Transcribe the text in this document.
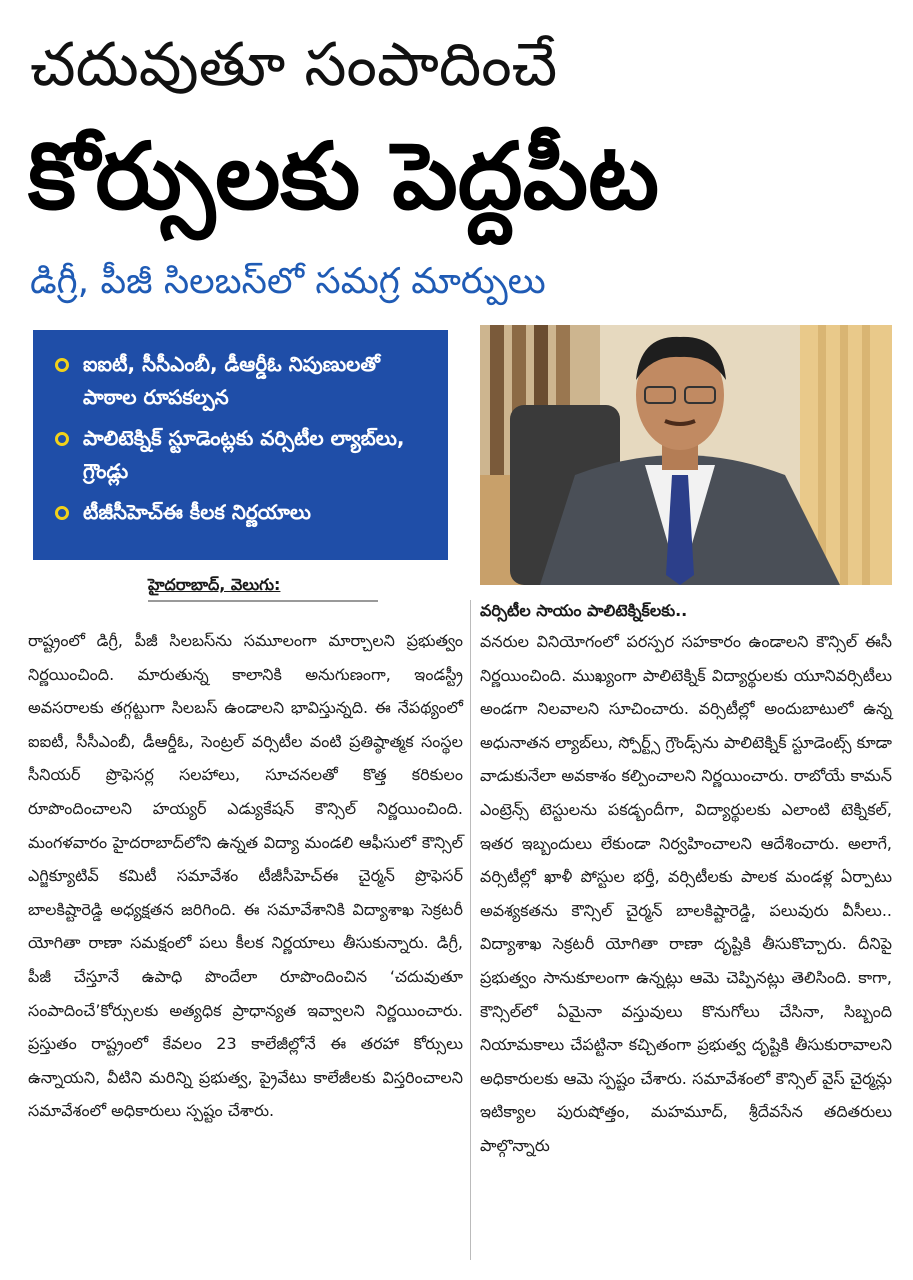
చదువుతూ సంపాదించే
కోర్సులకు పెద్దపీట
డిగ్రీ, పీజీ సిలబస్‌లో సమగ్ర మార్పులు
ఐఐటీ, సీసీఎంబీ, డీఆర్డీఓ నిపుణులతో పాఠాల రూపకల్పన
పాలిటెక్నిక్ స్టూడెంట్లకు వర్సిటీల ల్యాబ్‌లు, గ్రౌండ్లు
టీజీసీహెచ్ఈ కీలక నిర్ణయాలు
హైదరాబాద్, వెలుగు:

రాష్ట్రంలో డిగ్రీ, పీజీ సిలబస్‌ను సమూలంగా మార్చాలని ప్రభుత్వం నిర్ణయించింది. మారుతున్న కాలానికి అనుగుణంగా, ఇండస్ట్రీ అవసరాలకు తగ్గట్టుగా సిలబస్ ఉండాలని భావిస్తున్నది. ఈ నేపథ్యంలో ఐఐటీ, సీసీఎంబీ, డీఆర్డీఓ, సెంట్రల్ వర్సిటీల వంటి ప్రతిష్ఠాత్మక సంస్థల సీనియర్ ప్రొఫెసర్ల సలహాలు, సూచనలతో కొత్త కరికులం రూపొందించాలని హయ్యర్ ఎడ్యుకేషన్ కౌన్సిల్ నిర్ణయించింది. మంగళవారం హైదరాబాద్‌లోని ఉన్నత విద్యా మండలి ఆఫీసులో కౌన్సిల్ ఎగ్జిక్యూటివ్ కమిటీ సమావేశం టీజీసీహెచ్ఈ చైర్మన్ ప్రొఫెసర్ బాలకిష్టారెడ్డి అధ్యక్షతన జరిగింది. ఈ సమావేశానికి విద్యాశాఖ సెక్రటరీ యోగితా రాణా సమక్షంలో పలు కీలక నిర్ణయాలు తీసుకున్నారు. డిగ్రీ, పీజీ చేస్తూనే ఉపాధి పొందేలా రూపొందించిన ‘చదువుతూ సంపాదించే’కోర్సులకు అత్యధిక ప్రాధాన్యత ఇవ్వాలని నిర్ణయించారు. ప్రస్తుతం రాష్ట్రంలో కేవలం 23 కాలేజీల్లోనే ఈ తరహా కోర్సులు ఉన్నాయని, వీటిని మరిన్ని ప్రభుత్వ, ప్రైవేటు కాలేజీలకు విస్తరించాలని సమావేశంలో అధికారులు స్పష్టం చేశారు.

వర్సిటీల సాయం పాలిటెక్నిక్‌లకు..

వనరుల వినియోగంలో పరస్పర సహకారం ఉండాలని కౌన్సిల్ ఈసీ నిర్ణయించింది. ముఖ్యంగా పాలిటెక్నిక్ విద్యార్థులకు యూనివర్సిటీలు అండగా నిలవాలని సూచించారు. వర్సిటీల్లో అందుబాటులో ఉన్న అధునాతన ల్యాబ్‌లు, స్పోర్ట్స్ గ్రౌండ్స్‌ను పాలిటెక్నిక్ స్టూడెంట్స్ కూడా వాడుకునేలా అవకాశం కల్పించాలని నిర్ణయించారు. రాబోయే కామన్ ఎంట్రెన్స్ టెస్టులను పకడ్బందీగా, విద్యార్థులకు ఎలాంటి టెక్నికల్, ఇతర ఇబ్బందులు లేకుండా నిర్వహించాలని ఆదేశించారు. అలాగే, వర్సిటీల్లో ఖాళీ పోస్టుల భర్తీ, వర్సిటీలకు పాలక మండళ్ల ఏర్పాటు అవశ్యకతను కౌన్సిల్ చైర్మన్ బాలకిష్టారెడ్డి, పలువురు వీసీలు.. విద్యాశాఖ సెక్రటరీ యోగితా రాణా దృష్టికి తీసుకొచ్చారు. దీనిపై ప్రభుత్వం సానుకూలంగా ఉన్నట్లు ఆమె చెప్పినట్లు తెలిసింది. కాగా, కౌన్సిల్‌లో ఏమైనా వస్తువులు కొనుగోలు చేసినా, సిబ్బంది నియామకాలు చేపట్టినా కచ్చితంగా ప్రభుత్వ దృష్టికి తీసుకురావాలని అధికారులకు ఆమె స్పష్టం చేశారు. సమావేశంలో కౌన్సిల్ వైస్ చైర్మన్లు ఇటిక్యాల పురుషోత్తం, మహమూద్, శ్రీదేవసేన తదితరులు పాల్గొన్నారు
